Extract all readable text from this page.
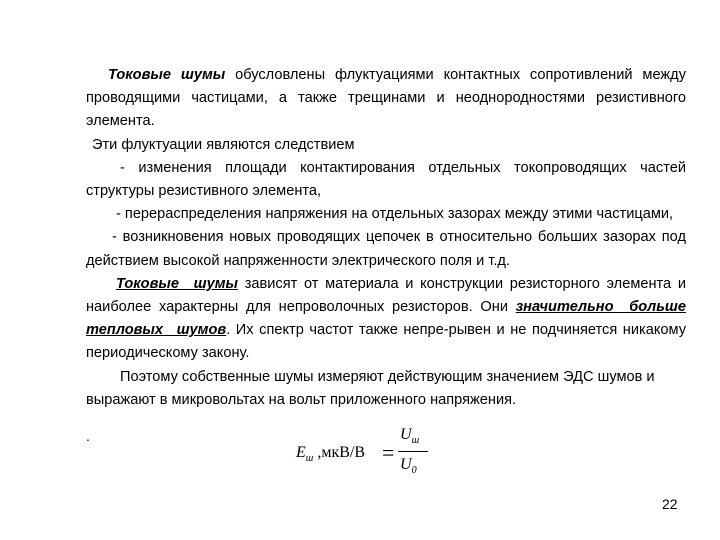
Токовые шумы обусловлены флуктуациями контактных сопротивлений между проводящими частицами, а также трещинами и неоднородностями резистивного элемента.

Эти флуктуации являются следствием

- изменения площади контактирования отдельных токопроводящих частей структуры резистивного элемента,

- перераспределения напряжения на отдельных зазорах между этими частицами,

- возникновения новых проводящих цепочек в относительно больших зазорах под действием высокой напряженности электрического поля и т.д.

Токовые шумы зависят от материала и конструкции резисторного элемента и наиболее характерны для непроволочных резисторов. Они значительно больше тепловых шумов. Их спектр частот также непре-рывен и не подчиняется никакому периодическому закону.

Поэтому собственные шумы измеряют действующим значением ЭДС шумов и выражают в микровольтах на вольт приложенного напряжения.

.
$E_ш$ ,мкВ/В =
$U_ш$
$U_0$
22
